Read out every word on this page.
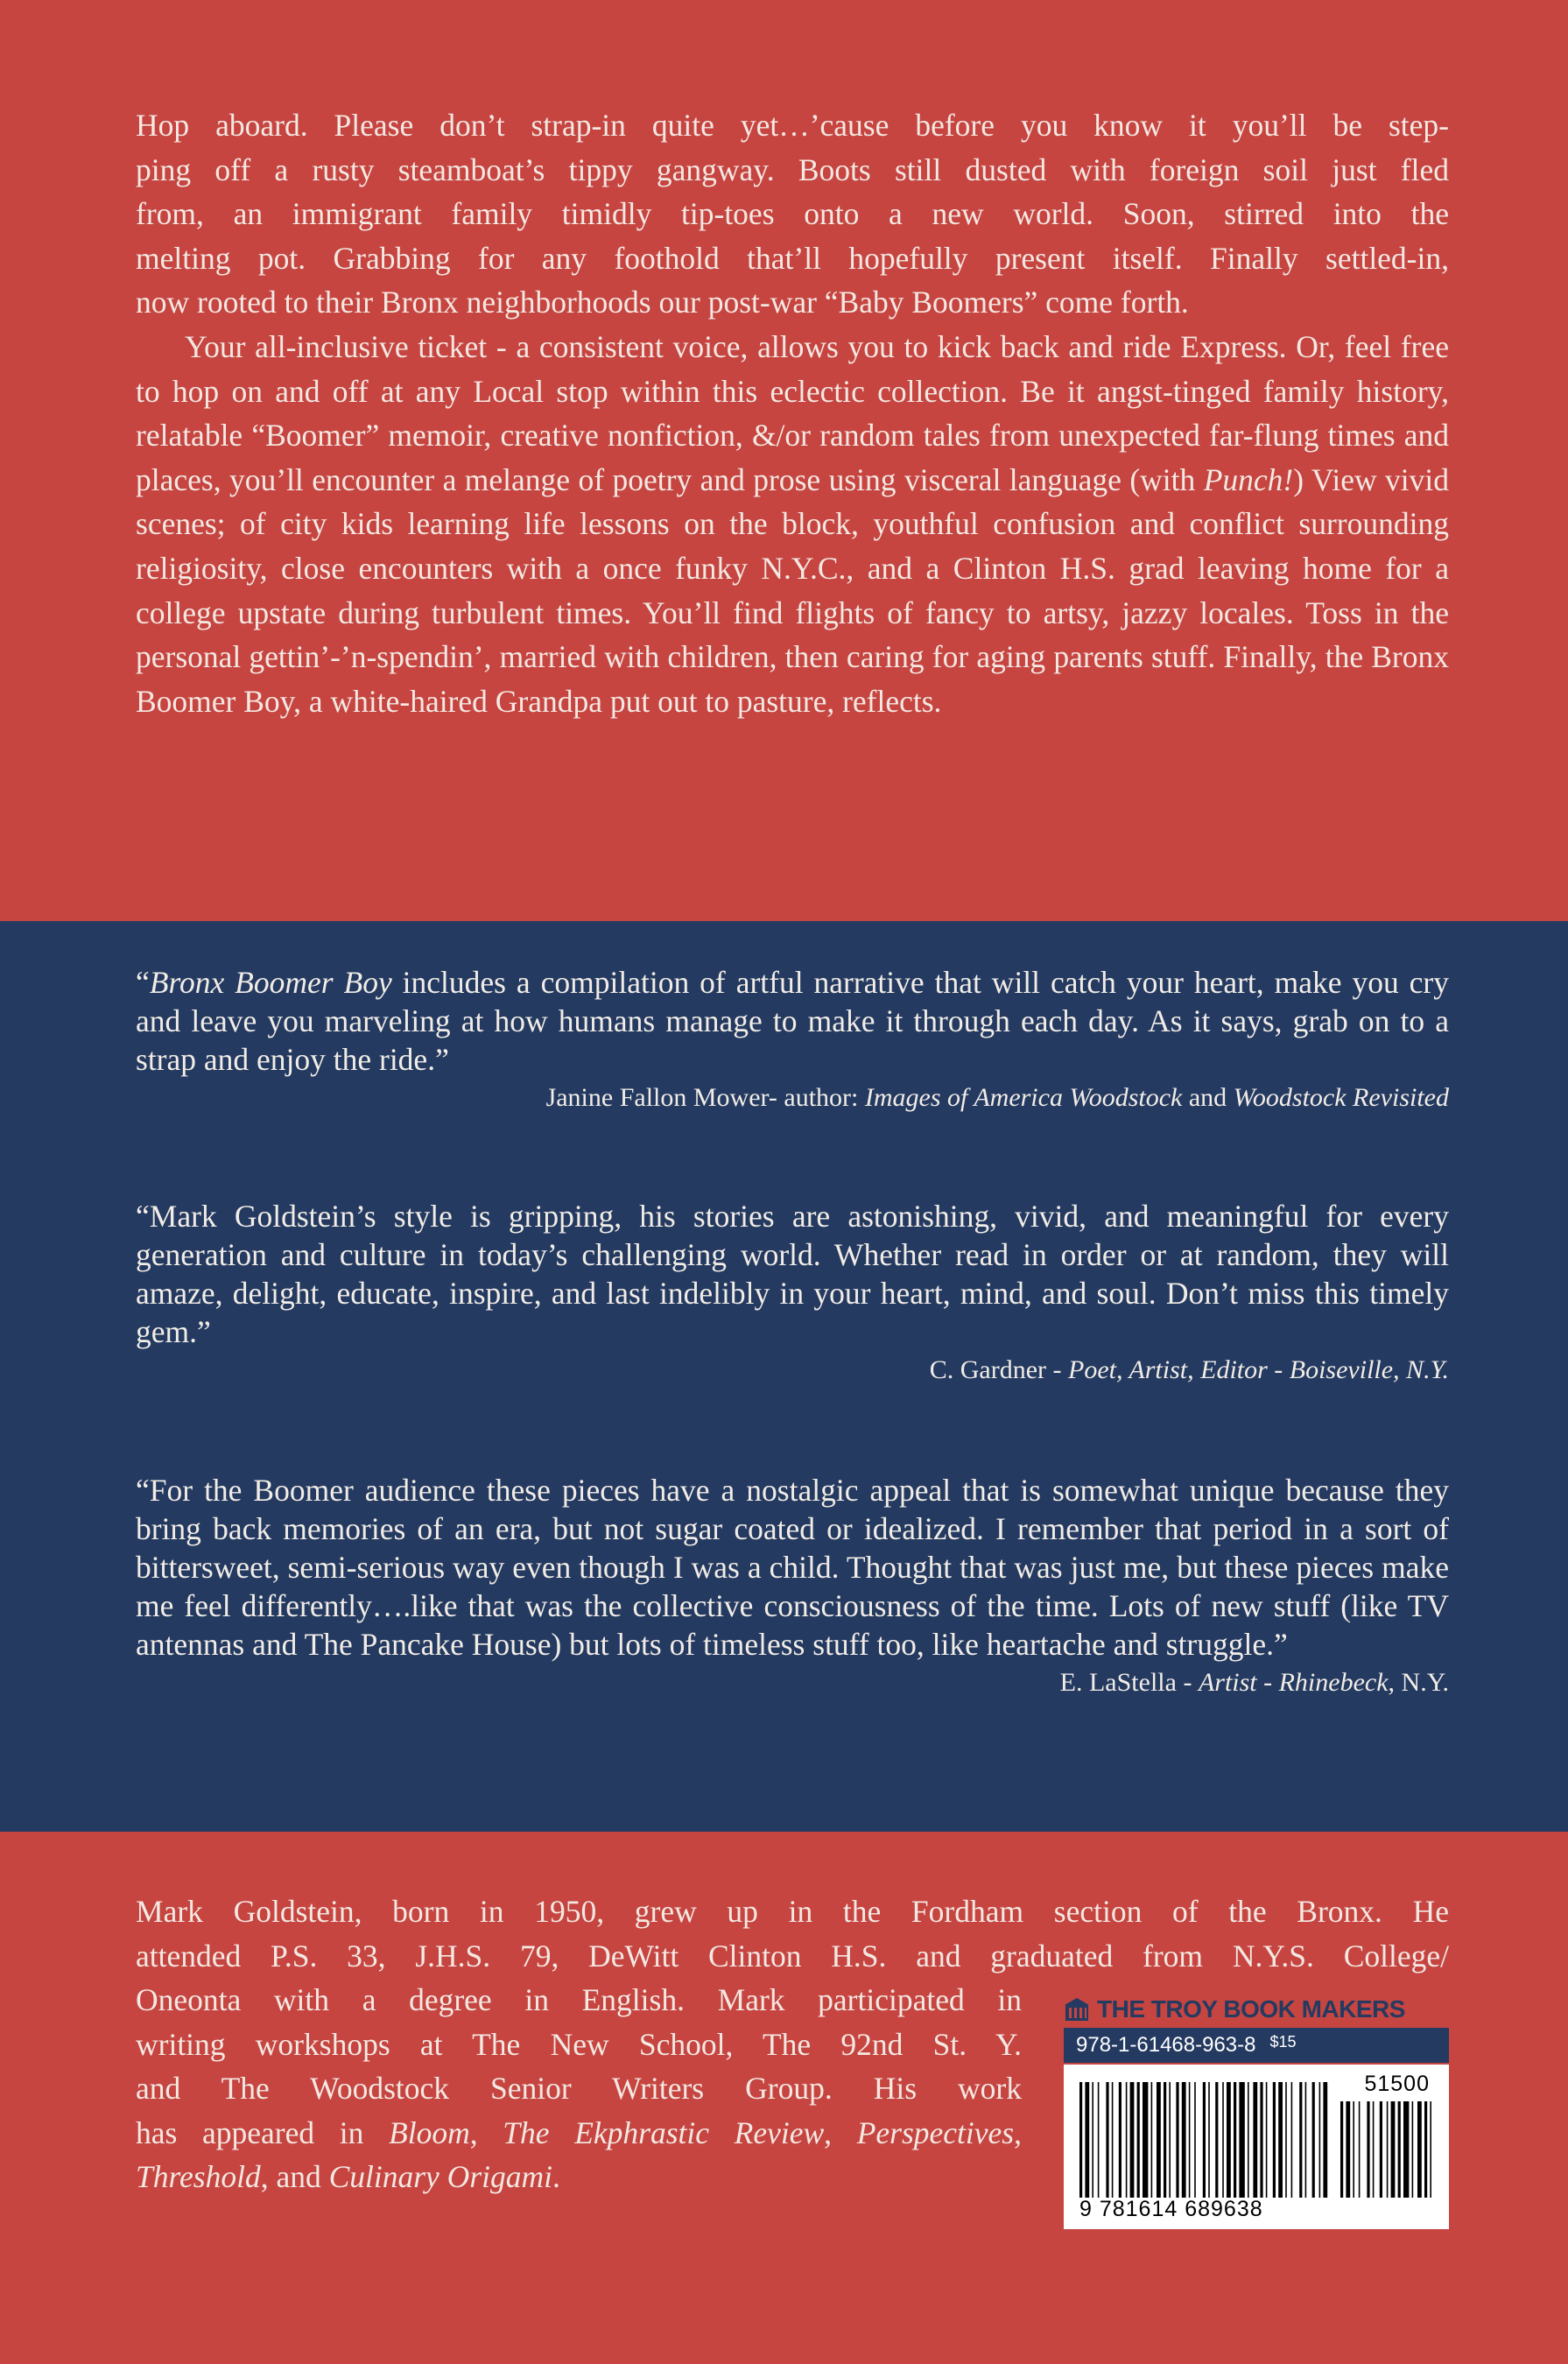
Hop aboard. Please don’t strap-in quite yet…’cause before you know it you’ll be step-
ping off a rusty steamboat’s tippy gangway. Boots still dusted with foreign soil just fled
from, an immigrant family timidly tip-toes onto a new world. Soon, stirred into the
melting pot. Grabbing for any foothold that’ll hopefully present itself. Finally settled-in,
now rooted to their Bronx neighborhoods our post-war “Baby Boomers” come forth.

Your all-inclusive ticket - a consistent voice, allows you to kick back and ride Express. Or, feel free to hop on and off at any Local stop within this eclectic collection. Be it angst-tinged family history, relatable “Boomer” memoir, creative nonfiction, &/or random tales from unexpected far-flung times and places, you’ll encounter a melange of poetry and prose using visceral language (with Punch!) View vivid scenes; of city kids learning life lessons on the block, youthful confusion and conflict surrounding religiosity, close encounters with a once funky N.Y.C., and a Clinton H.S. grad leaving home for a college upstate during turbulent times. You’ll find flights of fancy to artsy, jazzy locales. Toss in the personal gettin’-’n-spendin’, married with children, then caring for aging parents stuff. Finally, the Bronx Boomer Boy, a white-haired Grandpa put out to pasture, reflects.

“Bronx Boomer Boy includes a compilation of artful narrative that will catch your heart, make you cry and leave you marveling at how humans manage to make it through each day. As it says, grab on to a strap and enjoy the ride.”

Janine Fallon Mower- author: Images of America Woodstock and Woodstock Revisited

“Mark Goldstein’s style is gripping, his stories are astonishing, vivid, and meaningful for every generation and culture in today’s challenging world. Whether read in order or at random, they will amaze, delight, educate, inspire, and last indelibly in your heart, mind, and soul. Don’t miss this timely gem.”

C. Gardner - Poet, Artist, Editor - Boiseville, N.Y.

“For the Boomer audience these pieces have a nostalgic appeal that is somewhat unique because they bring back memories of an era, but not sugar coated or idealized. I remember that period in a sort of bittersweet, semi-serious way even though I was a child. Thought that was just me, but these pieces make me feel differently….like that was the collective consciousness of the time. Lots of new stuff (like TV antennas and The Pancake House) but lots of timeless stuff too, like heartache and struggle.”

E. LaStella - Artist - Rhinebeck, N.Y.
Mark Goldstein, born in 1950, grew up in the Fordham section of the Bronx. He
attended P.S. 33, J.H.S. 79, DeWitt Clinton H.S. and graduated from N.Y.S. College/
Oneonta with a degree in English. Mark participated in
writing workshops at The New School, The 92nd St. Y.
and The Woodstock Senior Writers Group. His work
has appeared in Bloom, The Ekphrastic Review, Perspectives,
Threshold, and Culinary Origami.
THE TROY BOOK MAKERS
978-1-61468-963-8 $15
51500
9 781614 689638
